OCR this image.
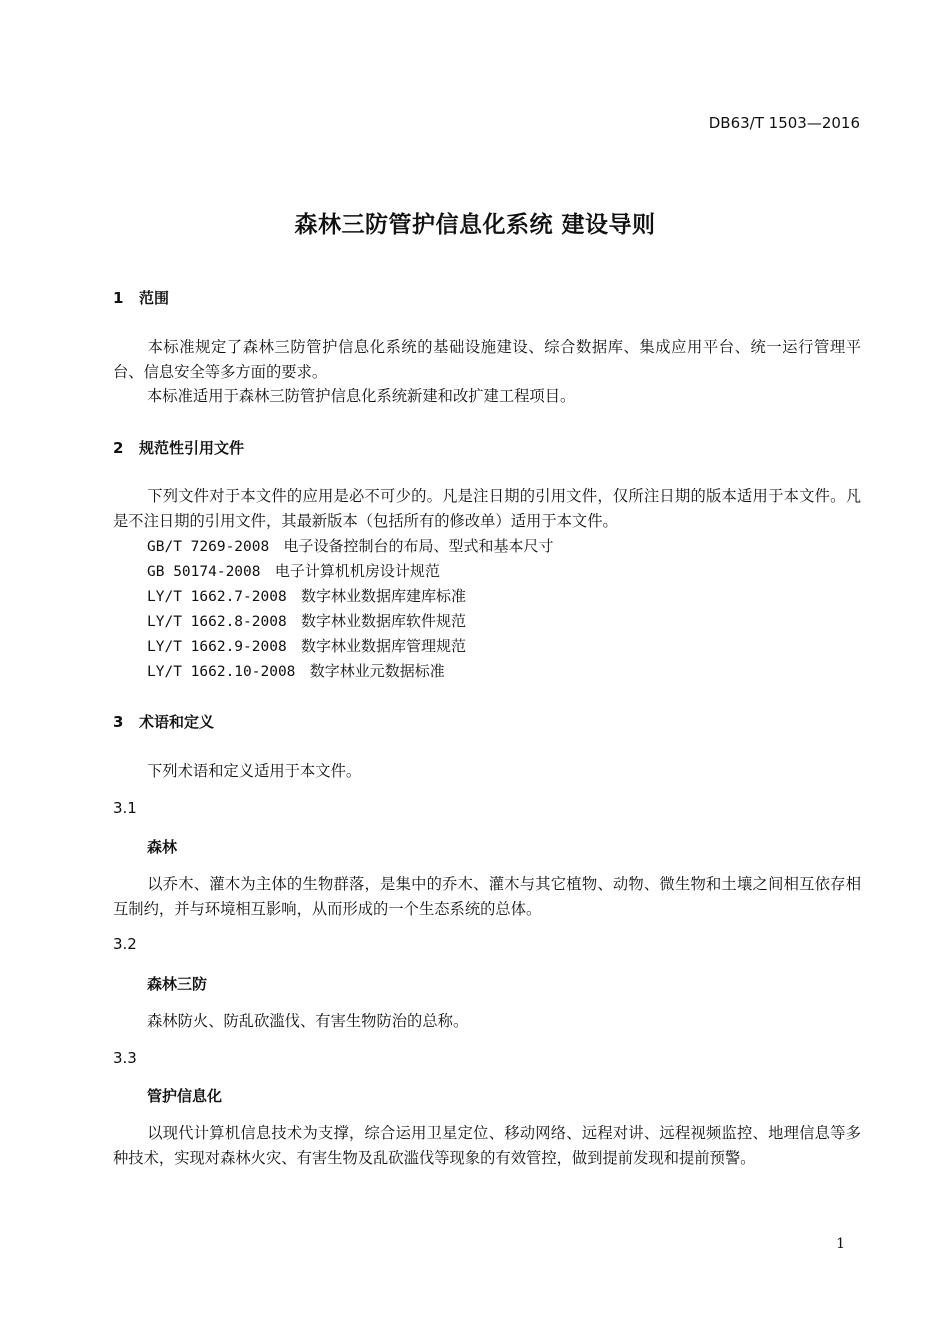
DB63/T 1503—2016
森林三防管护信息化系统 建设导则
1 范围
本标准规定了森林三防管护信息化系统的基础设施建设、综合数据库、集成应用平台、统一运行管理平台、信息安全等多方面的要求。
本标准适用于森林三防管护信息化系统新建和改扩建工程项目。
2 规范性引用文件
下列文件对于本文件的应用是必不可少的。凡是注日期的引用文件，仅所注日期的版本适用于本文件。凡是不注日期的引用文件，其最新版本（包括所有的修改单）适用于本文件。
GB/T 7269-2008 电子设备控制台的布局、型式和基本尺寸
GB 50174-2008 电子计算机机房设计规范
LY/T 1662.7-2008 数字林业数据库建库标准
LY/T 1662.8-2008 数字林业数据库软件规范
LY/T 1662.9-2008 数字林业数据库管理规范
LY/T 1662.10-2008 数字林业元数据标准
3 术语和定义
下列术语和定义适用于本文件。
3.1
森林
以乔木、灌木为主体的生物群落，是集中的乔木、灌木与其它植物、动物、微生物和土壤之间相互依存相互制约，并与环境相互影响，从而形成的一个生态系统的总体。
3.2
森林三防
森林防火、防乱砍滥伐、有害生物防治的总称。
3.3
管护信息化
以现代计算机信息技术为支撑，综合运用卫星定位、移动网络、远程对讲、远程视频监控、地理信息等多种技术，实现对森林火灾、有害生物及乱砍滥伐等现象的有效管控，做到提前发现和提前预警。
1
